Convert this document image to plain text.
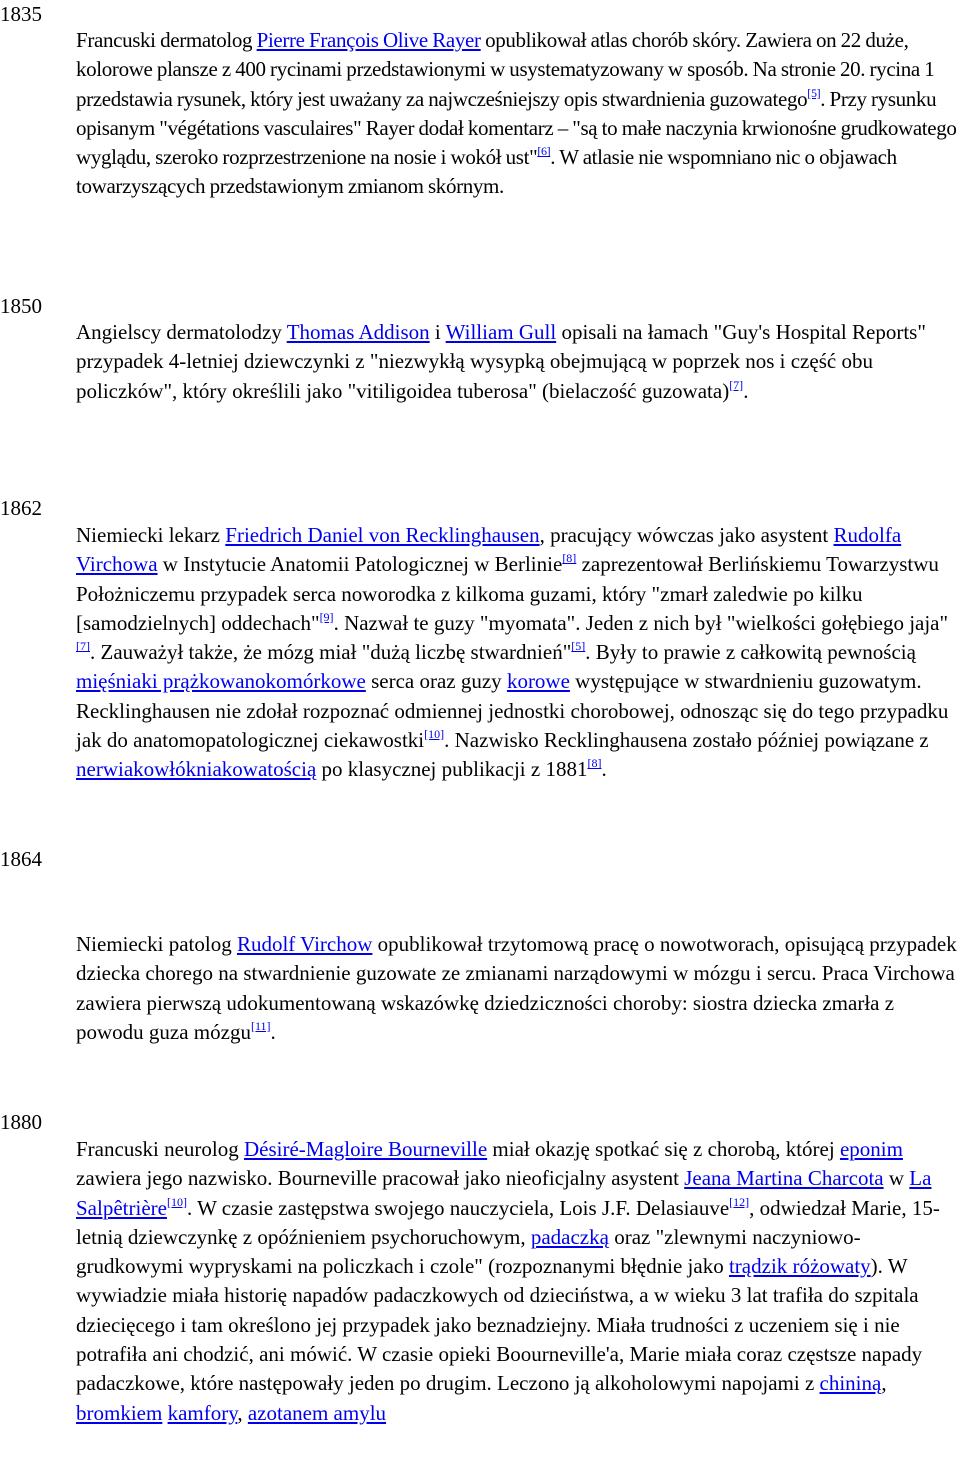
1835
1850
1862
1864
1880

Francuski dermatolog Pierre François Olive Rayer opublikował atlas chorób skóry. Zawiera on 22 duże, kolorowe plansze z 400 rycinami przedstawionymi w usystematyzowany w sposób. Na stronie 20. rycina 1 przedstawia rysunek, który jest uważany za najwcześniejszy opis stwardnienia guzowatego[5]. Przy rysunku opisanym "végétations vasculaires" Rayer dodał komentarz – "są to małe naczynia krwionośne grudkowatego wyglądu, szeroko rozprzestrzenione na nosie i wokół ust"[6]. W atlasie nie wspomniano nic o objawach towarzyszących przedstawionym zmianom skórnym.

Angielscy dermatolodzy Thomas Addison i William Gull opisali na łamach "Guy's Hospital Reports" przypadek 4-letniej dziewczynki z "niezwykłą wysypką obejmującą w poprzek nos i część obu policzków", który określili jako "vitiligoidea tuberosa" (bielaczość guzowata)[7].

Niemiecki lekarz Friedrich Daniel von Recklinghausen, pracujący wówczas jako asystent Rudolfa Virchowa w Instytucie Anatomii Patologicznej w Berlinie[8] zaprezentował Berlińskiemu Towarzystwu Położniczemu przypadek serca noworodka z kilkoma guzami, który "zmarł zaledwie po kilku [samodzielnych] oddechach"[9]. Nazwał te guzy "myomata". Jeden z nich był "wielkości gołębiego jaja"[7]. Zauważył także, że mózg miał "dużą liczbę stwardnień"[5]. Były to prawie z całkowitą pewnością mięśniaki prążkowanokomórkowe serca oraz guzy korowe występujące w stwardnieniu guzowatym. Recklinghausen nie zdołał rozpoznać odmiennej jednostki chorobowej, odnosząc się do tego przypadku jak do anatomopatologicznej ciekawostki[10]. Nazwisko Recklinghausena zostało później powiązane z nerwiakowłókniakowatością po klasycznej publikacji z 1881[8].

Niemiecki patolog Rudolf Virchow opublikował trzytomową pracę o nowotworach, opisującą przypadek dziecka chorego na stwardnienie guzowate ze zmianami narządowymi w mózgu i sercu. Praca Virchowa zawiera pierwszą udokumentowaną wskazówkę dziedziczności choroby: siostra dziecka zmarła z powodu guza mózgu[11].

Francuski neurolog Désiré-Magloire Bourneville miał okazję spotkać się z chorobą, której eponim zawiera jego nazwisko. Bourneville pracował jako nieoficjalny asystent Jeana Martina Charcota w La Salpêtrière[10]. W czasie zastępstwa swojego nauczyciela, Lois J.F. Delasiauve[12], odwiedzał Marie, 15-letnią dziewczynkę z opóźnieniem psychoruchowym, padaczką oraz "zlewnymi naczyniowo-grudkowymi wypryskami na policzkach i czole" (rozpoznanymi błędnie jako trądzik różowaty). W wywiadzie miała historię napadów padaczkowych od dzieciństwa, a w wieku 3 lat trafiła do szpitala dziecięcego i tam określono jej przypadek jako beznadziejny. Miała trudności z uczeniem się i nie potrafiła ani chodzić, ani mówić. W czasie opieki Boourneville'a, Marie miała coraz częstsze napady padaczkowe, które następowały jeden po drugim. Leczono ją alkoholowymi napojami z chininą, bromkiem kamfory, azotanem amylu
